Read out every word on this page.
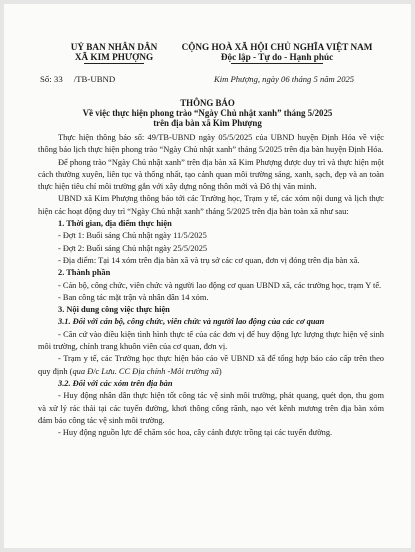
UỶ BAN NHÂN DÂN
XÃ KIM PHƯỢNG
CỘNG HOÀ XÃ HỘI CHỦ NGHĨA VIỆT NAM
Độc lập - Tự do - Hạnh phúc
Số: 33     /TB-UBND	Kim Phượng, ngày 06 tháng 5 năm 2025
THÔNG BÁO
Về việc thực hiện phong trào “Ngày Chủ nhật xanh” tháng 5/2025
trên địa bàn xã Kim Phượng

Thực hiện thông báo số: 49/TB-UBND ngày 05/5/2025 của UBND huyện Định Hóa về việc thông báo lịch thực hiện phong trào “Ngày Chủ nhật xanh” tháng 5/2025 trên địa bàn huyện Định Hóa.

Để phong trào “Ngày Chủ nhật xanh” trên địa bàn xã Kim Phượng được duy trì và thực hiện một cách thường xuyên, liên tục và thống nhất, tạo cảnh quan môi trường sáng, xanh, sạch, đẹp và an toàn thực hiện tiêu chí môi trường gắn với xây dựng nông thôn mới và Đô thị văn minh.

UBND xã Kim Phượng thông báo tới các Trường học, Trạm y tế, các xóm nội dung và lịch thực hiện các hoạt động duy trì “Ngày Chủ nhật xanh” tháng 5/2025 trên địa bàn toàn xã như sau:

1. Thời gian, địa điểm thực hiện

- Đợt 1: Buổi sáng Chủ nhật ngày 11/5/2025

- Đợt 2: Buổi sáng Chủ nhật ngày 25/5/2025

- Địa điểm: Tại 14 xóm trên địa bàn xã và trụ sở các cơ quan, đơn vị đóng trên địa bàn xã.

2. Thành phần

- Cán bộ, công chức, viên chức và người lao động cơ quan UBND xã, các trường học, trạm Y tế.

- Ban công tác mặt trận và nhân dân 14 xóm.

3. Nội dung công việc thực hiện

3.1. Đối với cán bộ, công chức, viên chức và người lao động của các cơ quan

- Căn cứ vào điều kiện tình hình thực tế của các đơn vị để huy động lực lượng thực hiện vệ sinh môi trường, chỉnh trang khuôn viên của cơ quan, đơn vị.

- Trạm y tế, các Trường học thực hiện báo cáo về UBND xã để tổng hợp báo cáo cấp trên theo quy định (qua Đ/c Lưu. CC Địa chính -Môi trường xã)

3.2. Đối với các xóm trên địa bàn

- Huy động nhân dân thực hiện tốt công tác vệ sinh môi trường, phát quang, quét dọn, thu gom và xử lý rác thải tại các tuyến đường, khơi thông cống rãnh, nạo vét kênh mương trên địa bàn xóm đảm bảo công tác vệ sinh môi trường.

- Huy động nguồn lực để chăm sóc hoa, cây cảnh được trồng tại các tuyến đường.
